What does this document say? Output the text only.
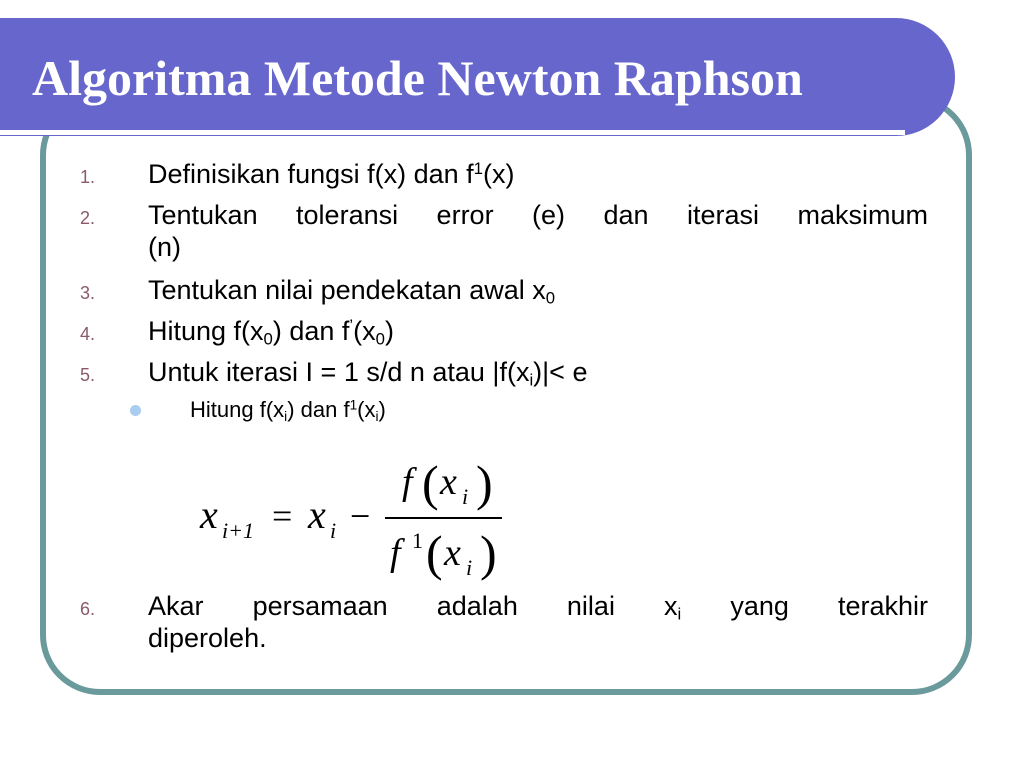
Algoritma Metode Newton Raphson
1. Definisikan fungsi f(x) dan $f^1(x)$
2. Tentukan toleransi error (e) dan iterasi maksimum
(n)
3. Tentukan nilai pendekatan awal $x_0$
4. Hitung $f(x_0)$ dan $f^’(x_0)$
5. Untuk iterasi I = 1 s/d n atau $|f(x_i)|< e$
Hitung $f(x_i)$ dan $f^1(x_i)$
x i+1 = x i −
f ( x i )
f 1 ( x i )
6. Akar persamaan adalah nilai $x_i$ yang terakhir
diperoleh.
